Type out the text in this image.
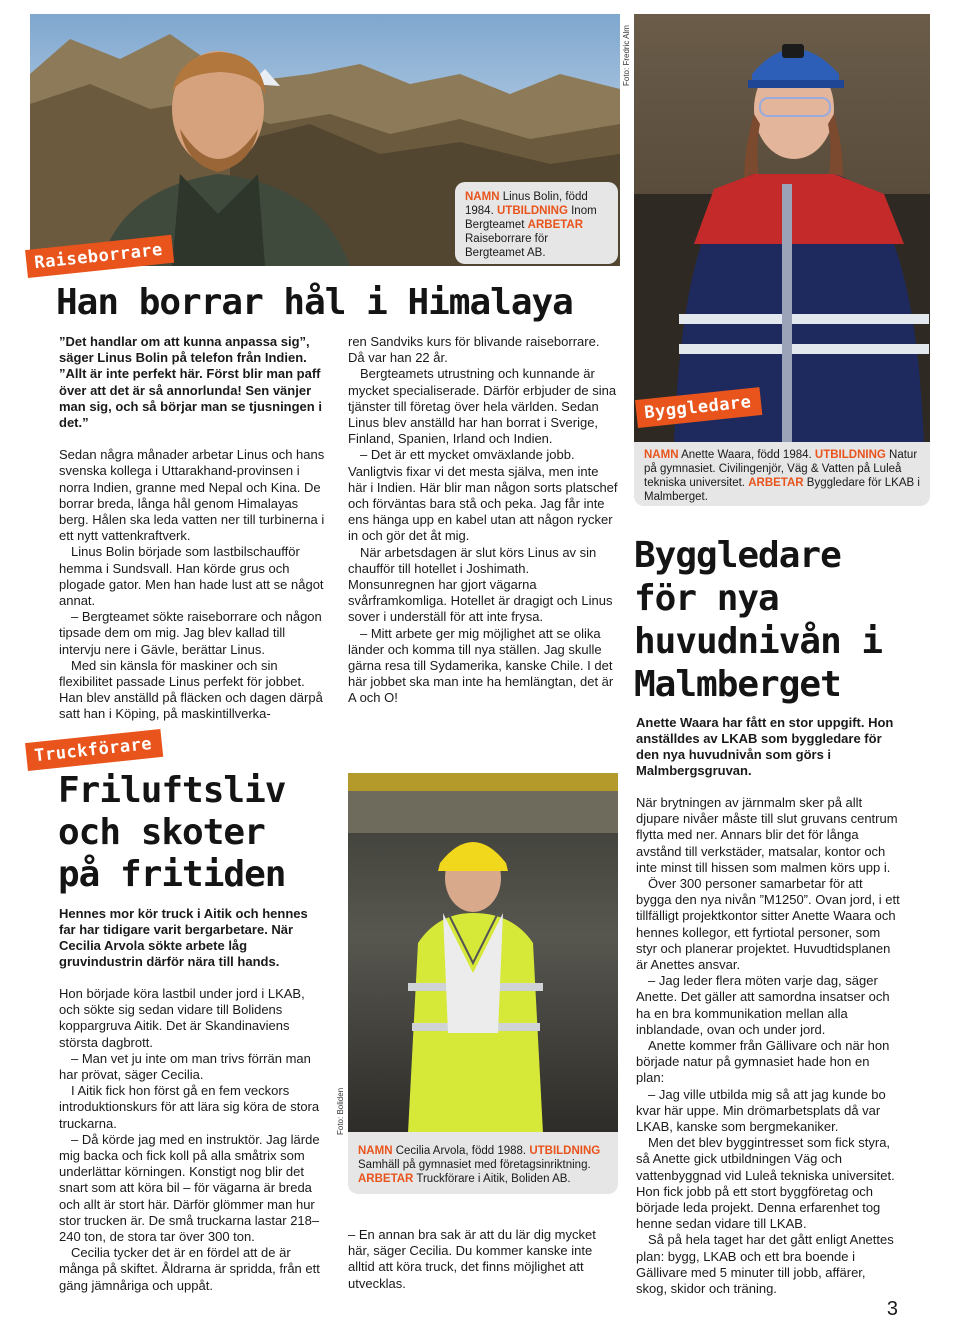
Foto: Fredric Alm
Byggledare
Raiseborrare
Han borrar hål i Himalaya
NAMN Linus Bolin, född 1984. UTBILDNING Inom Bergteamet ARBETAR Raiseborrare för Bergteamet AB.

”Det handlar om att kunna anpassa sig”, säger Linus Bolin på telefon från Indien. ”Allt är inte perfekt här. Först blir man paff över att det är så annorlunda! Sen vänjer man sig, och så börjar man se tjusningen i det.”

Sedan några månader arbetar Linus och hans svenska kollega i Uttarakhand-provinsen i norra Indien, granne med Nepal och Kina. De borrar breda, långa hål genom Himalayas berg. Hålen ska leda vatten ner till turbinerna i ett nytt vattenkraftverk.

Linus Bolin började som lastbilschaufför hemma i Sundsvall. Han körde grus och plogade gator. Men han hade lust att se något annat.

– Bergteamet sökte raiseborrare och någon tipsade dem om mig. Jag blev kallad till intervju nere i Gävle, berättar Linus.

Med sin känsla för maskiner och sin flexibilitet passade Linus perfekt för jobbet. Han blev anställd på fläcken och dagen därpå satt han i Köping, på maskintillverka-

ren Sandviks kurs för blivande raiseborrare. Då var han 22 år.

Bergteamets utrustning och kunnande är mycket specialiserade. Därför erbjuder de sina tjänster till företag över hela världen. Sedan Linus blev anställd har han borrat i Sverige, Finland, Spanien, Irland och Indien.

– Det är ett mycket omväxlande jobb. Vanligtvis fixar vi det mesta själva, men inte här i Indien. Här blir man någon sorts platschef och förväntas bara stå och peka. Jag får inte ens hänga upp en kabel utan att någon rycker in och gör det åt mig.

När arbetsdagen är slut körs Linus av sin chaufför till hotellet i Joshimath. Monsunregnen har gjort vägarna svårframkomliga. Hotellet är dragigt och Linus sover i underställ för att inte frysa.

– Mitt arbete ger mig möjlighet att se olika länder och komma till nya ställen. Jag skulle gärna resa till Sydamerika, kanske Chile. I det här jobbet ska man inte ha hemlängtan, det är A och O!

Truckförare
Friluftsliv
och skoter
på fritiden
Hennes mor kör truck i Aitik och hennes far har tidigare varit bergarbetare. När Cecilia Arvola sökte arbete låg gruvindustrin därför nära till hands.

Hon började köra lastbil under jord i LKAB, och sökte sig sedan vidare till Bolidens koppargruva Aitik. Det är Skandinaviens största dagbrott.

– Man vet ju inte om man trivs förrän man har prövat, säger Cecilia.

I Aitik fick hon först gå en fem veckors introduktionskurs för att lära sig köra de stora truckarna.

– Då körde jag med en instruktör. Jag lärde mig backa och fick koll på alla småtrix som underlättar körningen. Konstigt nog blir det snart som att köra bil – för vägarna är breda och allt är stort här. Därför glömmer man hur stor trucken är. De små truckarna lastar 218–240 ton, de stora tar över 300 ton.

Cecilia tycker det är en fördel att de är många på skiftet. Åldrarna är spridda, från ett gäng jämnåriga och uppåt.

Foto: Boliden
NAMN Cecilia Arvola, född 1988. UTBILDNING Samhäll på gymnasiet med företagsinriktning. ARBETAR Truckförare i Aitik, Boliden AB.

– En annan bra sak är att du lär dig mycket här, säger Cecilia. Du kommer kanske inte alltid att köra truck, det finns möjlighet att utvecklas.

NAMN Anette Waara, född 1984. UTBILDNING Natur på gymnasiet. Civilingenjör, Väg & Vatten på Luleå tekniska universitet. ARBETAR Byggledare för LKAB i Malmberget.
Byggledare
för nya
huvudnivån i
Malmberget
Anette Waara har fått en stor uppgift. Hon anställdes av LKAB som byggledare för den nya huvudnivån som görs i Malmbergsgruvan.

När brytningen av järnmalm sker på allt djupare nivåer måste till slut gruvans centrum flytta med ner. Annars blir det för långa avstånd till verkstäder, matsalar, kontor och inte minst till hissen som malmen körs upp i.

Över 300 personer samarbetar för att bygga den nya nivån ”M1250”. Ovan jord, i ett tillfälligt projektkontor sitter Anette Waara och hennes kollegor, ett fyrtiotal personer, som styr och planerar projektet. Huvudtidsplanen är Anettes ansvar.

– Jag leder flera möten varje dag, säger Anette. Det gäller att samordna insatser och ha en bra kommunikation mellan alla inblandade, ovan och under jord.

Anette kommer från Gällivare och när hon började natur på gymnasiet hade hon en plan:

– Jag ville utbilda mig så att jag kunde bo kvar här uppe. Min drömarbetsplats då var LKAB, kanske som bergmekaniker.

Men det blev byggintresset som fick styra, så Anette gick utbildningen Väg och vattenbyggnad vid Luleå tekniska universitet. Hon fick jobb på ett stort byggföretag och började leda projekt. Denna erfarenhet tog henne sedan vidare till LKAB.

Så på hela taget har det gått enligt Anettes plan: bygg, LKAB och ett bra boende i Gällivare med 5 minuter till jobb, affärer, skog, skidor och träning.

3
